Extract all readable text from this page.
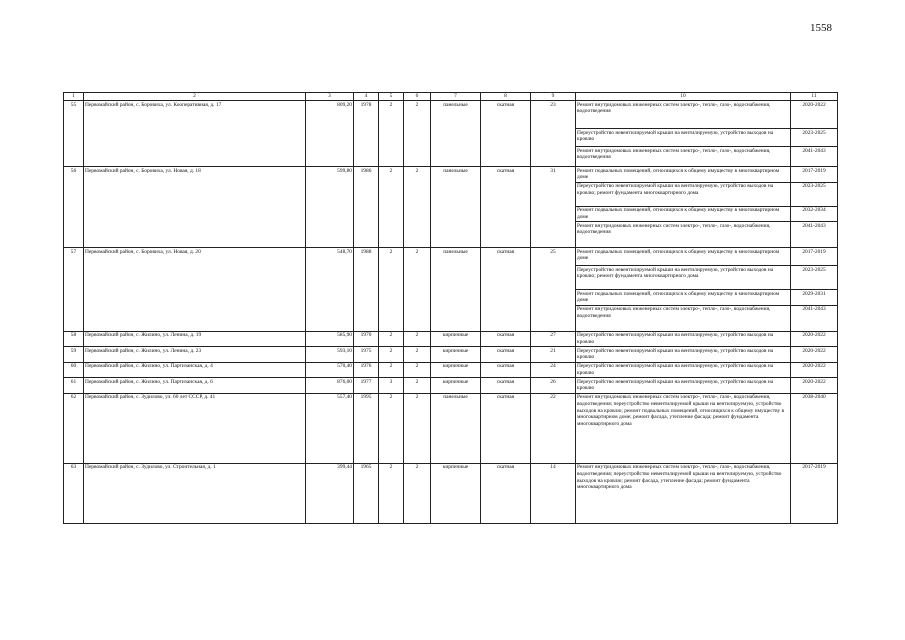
1558
1	2	3	4	5	6	7	8	9	10	11
55	Первомайский район, с. Боровиха, ул. Кооперативная, д. 17	809,20	1978	2	2	панельные	скатная	23	Ремонт внутридомовых инженерных систем электро-, тепло-, газо-, водоснабжения, водоотведения	2020-2022
									Переустройство невентилируемой крыши на вентилируемую, устройство выходов на кровлю	2023-2025
									Ремонт внутридомовых инженерных систем электро-, тепло-, газо-, водоснабжения, водоотведения	2041-2043
56	Первомайский район, с. Боровиха, ул. Новая, д. 18	599,80	1986	2	2	панельные	скатная	31	Ремонт подвальных помещений, относящихся к общему имуществу в многоквартирном доме	2017-2019
									Переустройство невентилируемой крыши на вентилируемую, устройство выходов на кровлю; ремонт фундамента многоквартирного дома	2023-2025
									Ремонт подвальных помещений, относящихся к общему имуществу в многоквартирном доме	2032-2034
									Ремонт внутридомовых инженерных систем электро-, тепло-, газо-, водоснабжения, водоотведения	2041-2043
57	Первомайский район, с. Боровиха, ул. Новая, д. 20	548,70	1988	2	2	панельные	скатная	25	Ремонт подвальных помещений, относящихся к общему имуществу в многоквартирном доме	2017-2019
									Переустройство невентилируемой крыши на вентилируемую, устройство выходов на кровлю; ремонт фундамента многоквартирного дома	2023-2025
									Ремонт подвальных помещений, относящихся к общему имуществу в многоквартирном доме	2029-2031
									Ремонт внутридомовых инженерных систем электро-, тепло-, газо-, водоснабжения, водоотведения	2041-2043
58	Первомайский район, с. Жилино, ул. Ленина, д. 19	585,90	1970	2	2	кирпичные	скатная	27	Переустройство невентилируемой крыши на вентилируемую, устройство выходов на кровлю	2020-2022
59	Первомайский район, с. Жилино, ул. Ленина, д. 23	593,10	1975	2	2	кирпичные	скатная	21	Переустройство невентилируемой крыши на вентилируемую, устройство выходов на кровлю	2020-2022
60	Первомайский район, с. Жилино, ул. Партизанская, д. 4	570,40	1976	2	2	кирпичные	скатная	24	Переустройство невентилируемой крыши на вентилируемую, устройство выходов на кровлю	2020-2022
61	Первомайский район, с. Жилино, ул. Партизанская, д. 6	876,00	1977	3	2	кирпичные	скатная	26	Переустройство невентилируемой крыши на вентилируемую, устройство выходов на кровлю	2020-2022
62	Первомайский район, с. Зудилово, ул. 60 лет СССР, д. 41	557,40	1995	2	2	панельные	скатная	22	Ремонт внутридомовых инженерных систем электро-, тепло-, газо-, водоснабжения, водоотведения; переустройство невентилируемой крыши на вентилируемую, устройство выходов на кровлю; ремонт подвальных помещений, относящихся к общему имуществу в многоквартирном доме; ремонт фасада, утепление фасада; ремонт фундамента многоквартирного дома	2038-2040
63	Первомайский район, с. Зудилово, ул. Строительная, д. 1	399,44	1965	2	2	кирпичные	скатная	14	Ремонт внутридомовых инженерных систем электро-, тепло-, газо-, водоснабжения, водоотведения; переустройство невентилируемой крыши на вентилируемую, устройство выходов на кровлю; ремонт фасада, утепление фасада; ремонт фундамента многоквартирного дома	2017-2019
